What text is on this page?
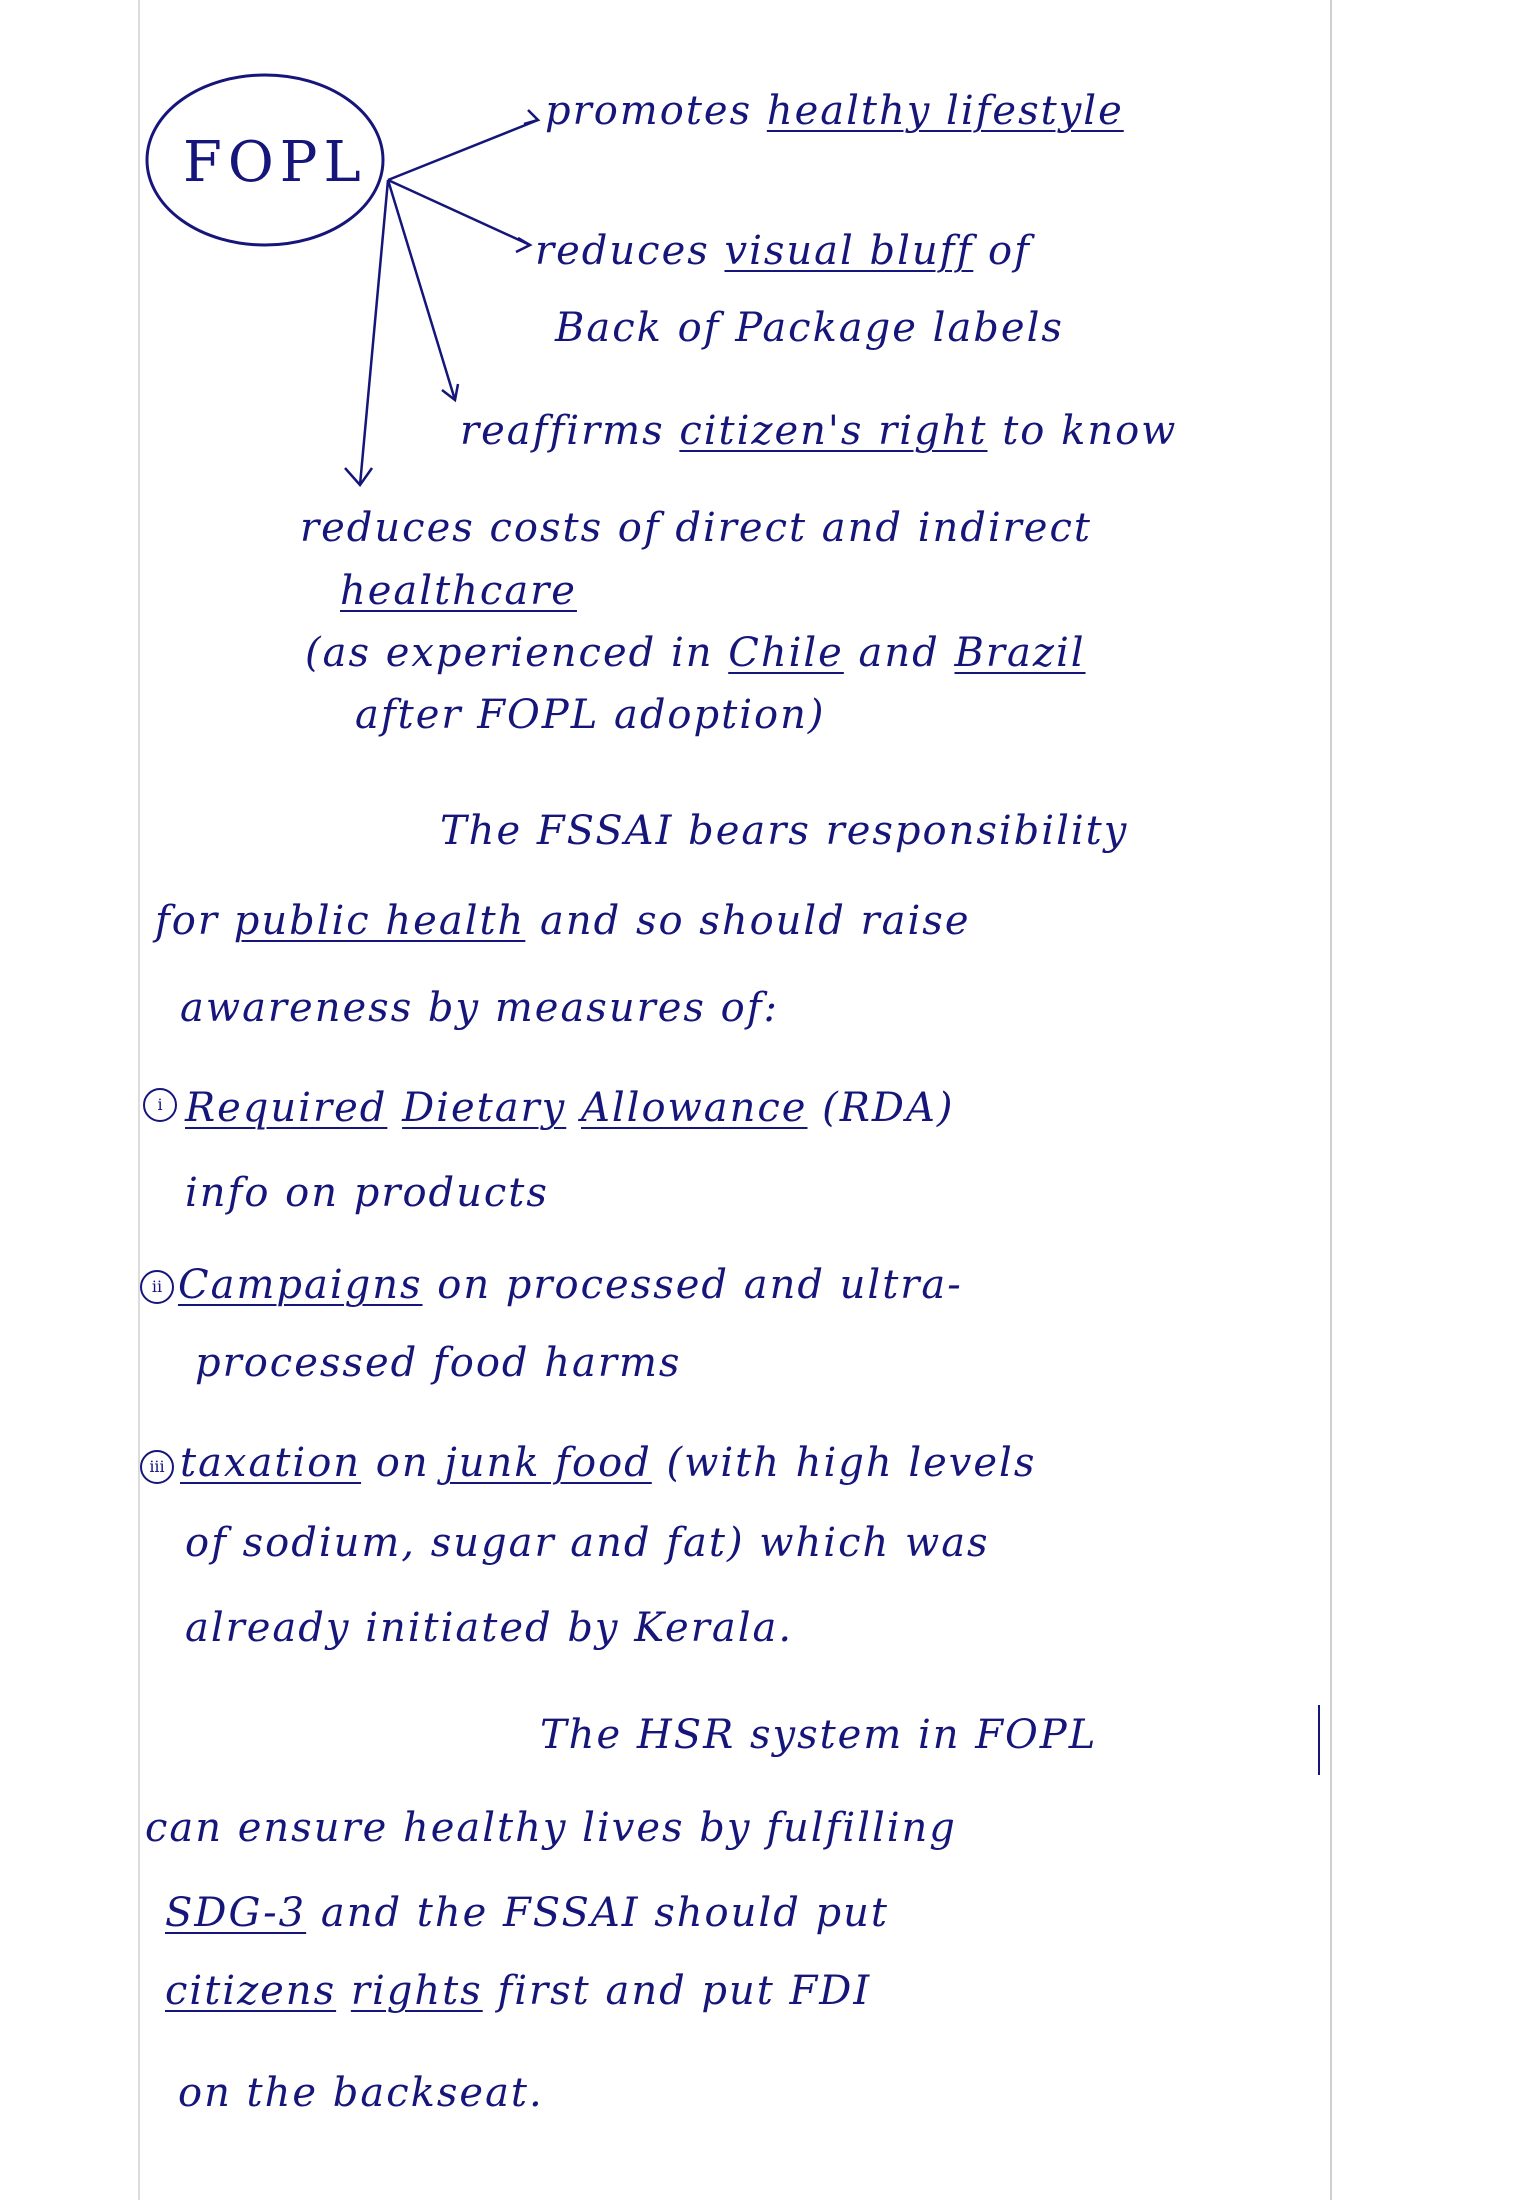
FOPL
promotes healthy lifestyle
reduces visual bluff of
Back of Package labels
reaffirms citizen's right to know
reduces costs of direct and indirect
healthcare
(as experienced in Chile and Brazil
after FOPL adoption)
The FSSAI bears responsibility
for public health and so should raise
awareness by measures of:
i Required Dietary Allowance (RDA)
info on products
ii Campaigns on processed and ultra-
processed food harms
iii taxation on junk food (with high levels
of sodium, sugar and fat) which was
already initiated by Kerala.
The HSR system in FOPL
can ensure healthy lives by fulfilling
SDG-3 and the FSSAI should put
citizens rights first and put FDI
on the backseat.
